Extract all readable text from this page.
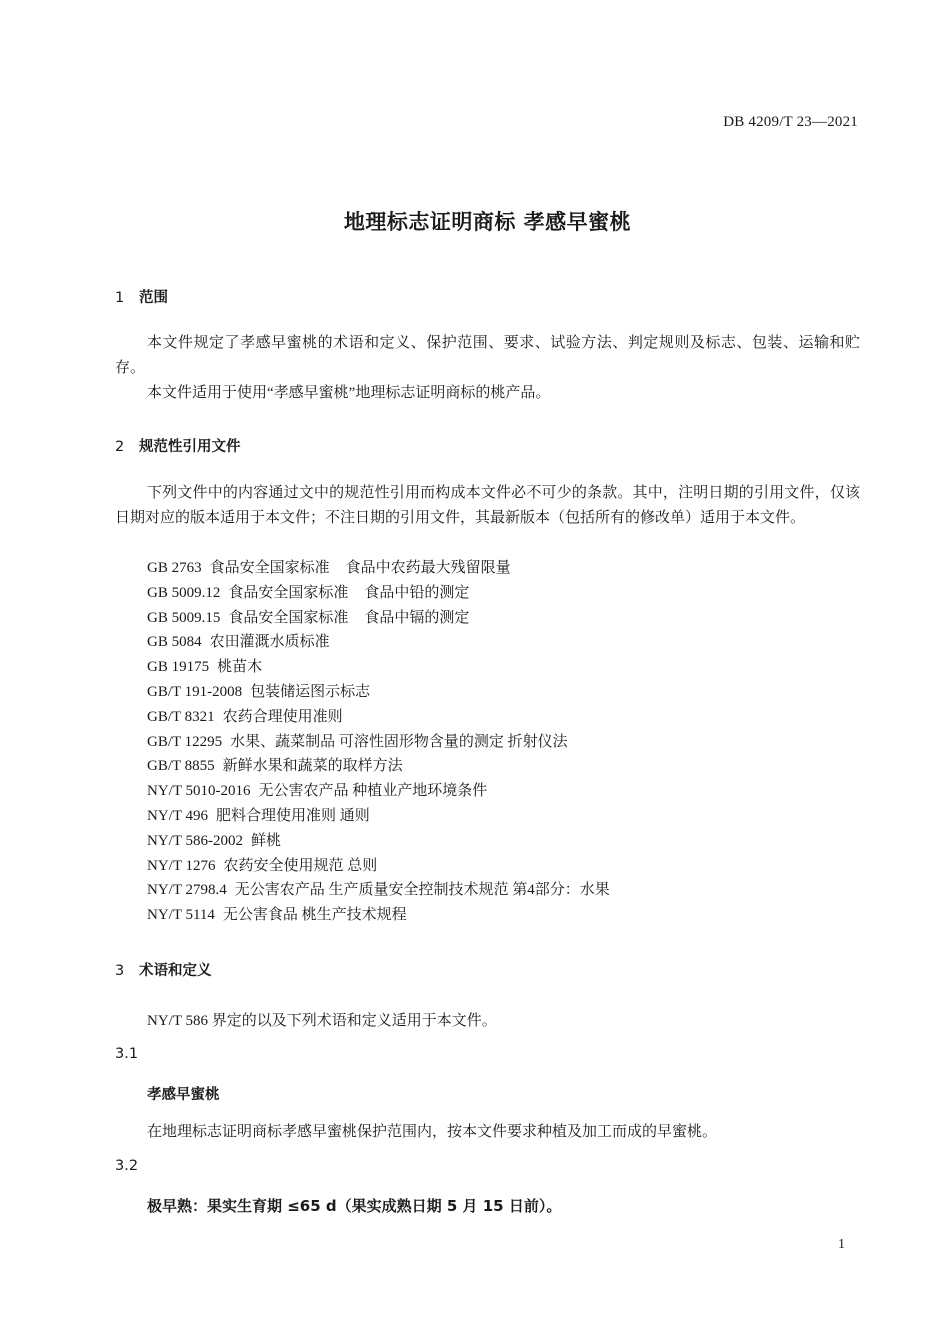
DB 4209/T 23—2021
地理标志证明商标 孝感早蜜桃
1 范围
本文件规定了孝感早蜜桃的术语和定义、保护范围、要求、试验方法、判定规则及标志、包装、运输和贮存。
本文件适用于使用“孝感早蜜桃”地理标志证明商标的桃产品。
2 规范性引用文件
下列文件中的内容通过文中的规范性引用而构成本文件必不可少的条款。其中，注明日期的引用文件，仅该日期对应的版本适用于本文件；不注日期的引用文件，其最新版本（包括所有的修改单）适用于本文件。
GB 2763 食品安全国家标准 食品中农药最大残留限量
GB 5009.12 食品安全国家标准 食品中铅的测定
GB 5009.15 食品安全国家标准 食品中镉的测定
GB 5084 农田灌溉水质标准
GB 19175 桃苗木
GB/T 191-2008 包装储运图示标志
GB/T 8321 农药合理使用准则
GB/T 12295 水果、蔬菜制品 可溶性固形物含量的测定 折射仪法
GB/T 8855 新鲜水果和蔬菜的取样方法
NY/T 5010-2016 无公害农产品 种植业产地环境条件
NY/T 496 肥料合理使用准则 通则
NY/T 586-2002 鲜桃
NY/T 1276 农药安全使用规范 总则
NY/T 2798.4 无公害农产品 生产质量安全控制技术规范 第4部分：水果
NY/T 5114 无公害食品 桃生产技术规程
3 术语和定义
NY/T 586 界定的以及下列术语和定义适用于本文件。
3.1
孝感早蜜桃
在地理标志证明商标孝感早蜜桃保护范围内，按本文件要求种植及加工而成的早蜜桃。
3.2
极早熟：果实生育期 ≤65 d（果实成熟日期 5 月 15 日前）。
1
